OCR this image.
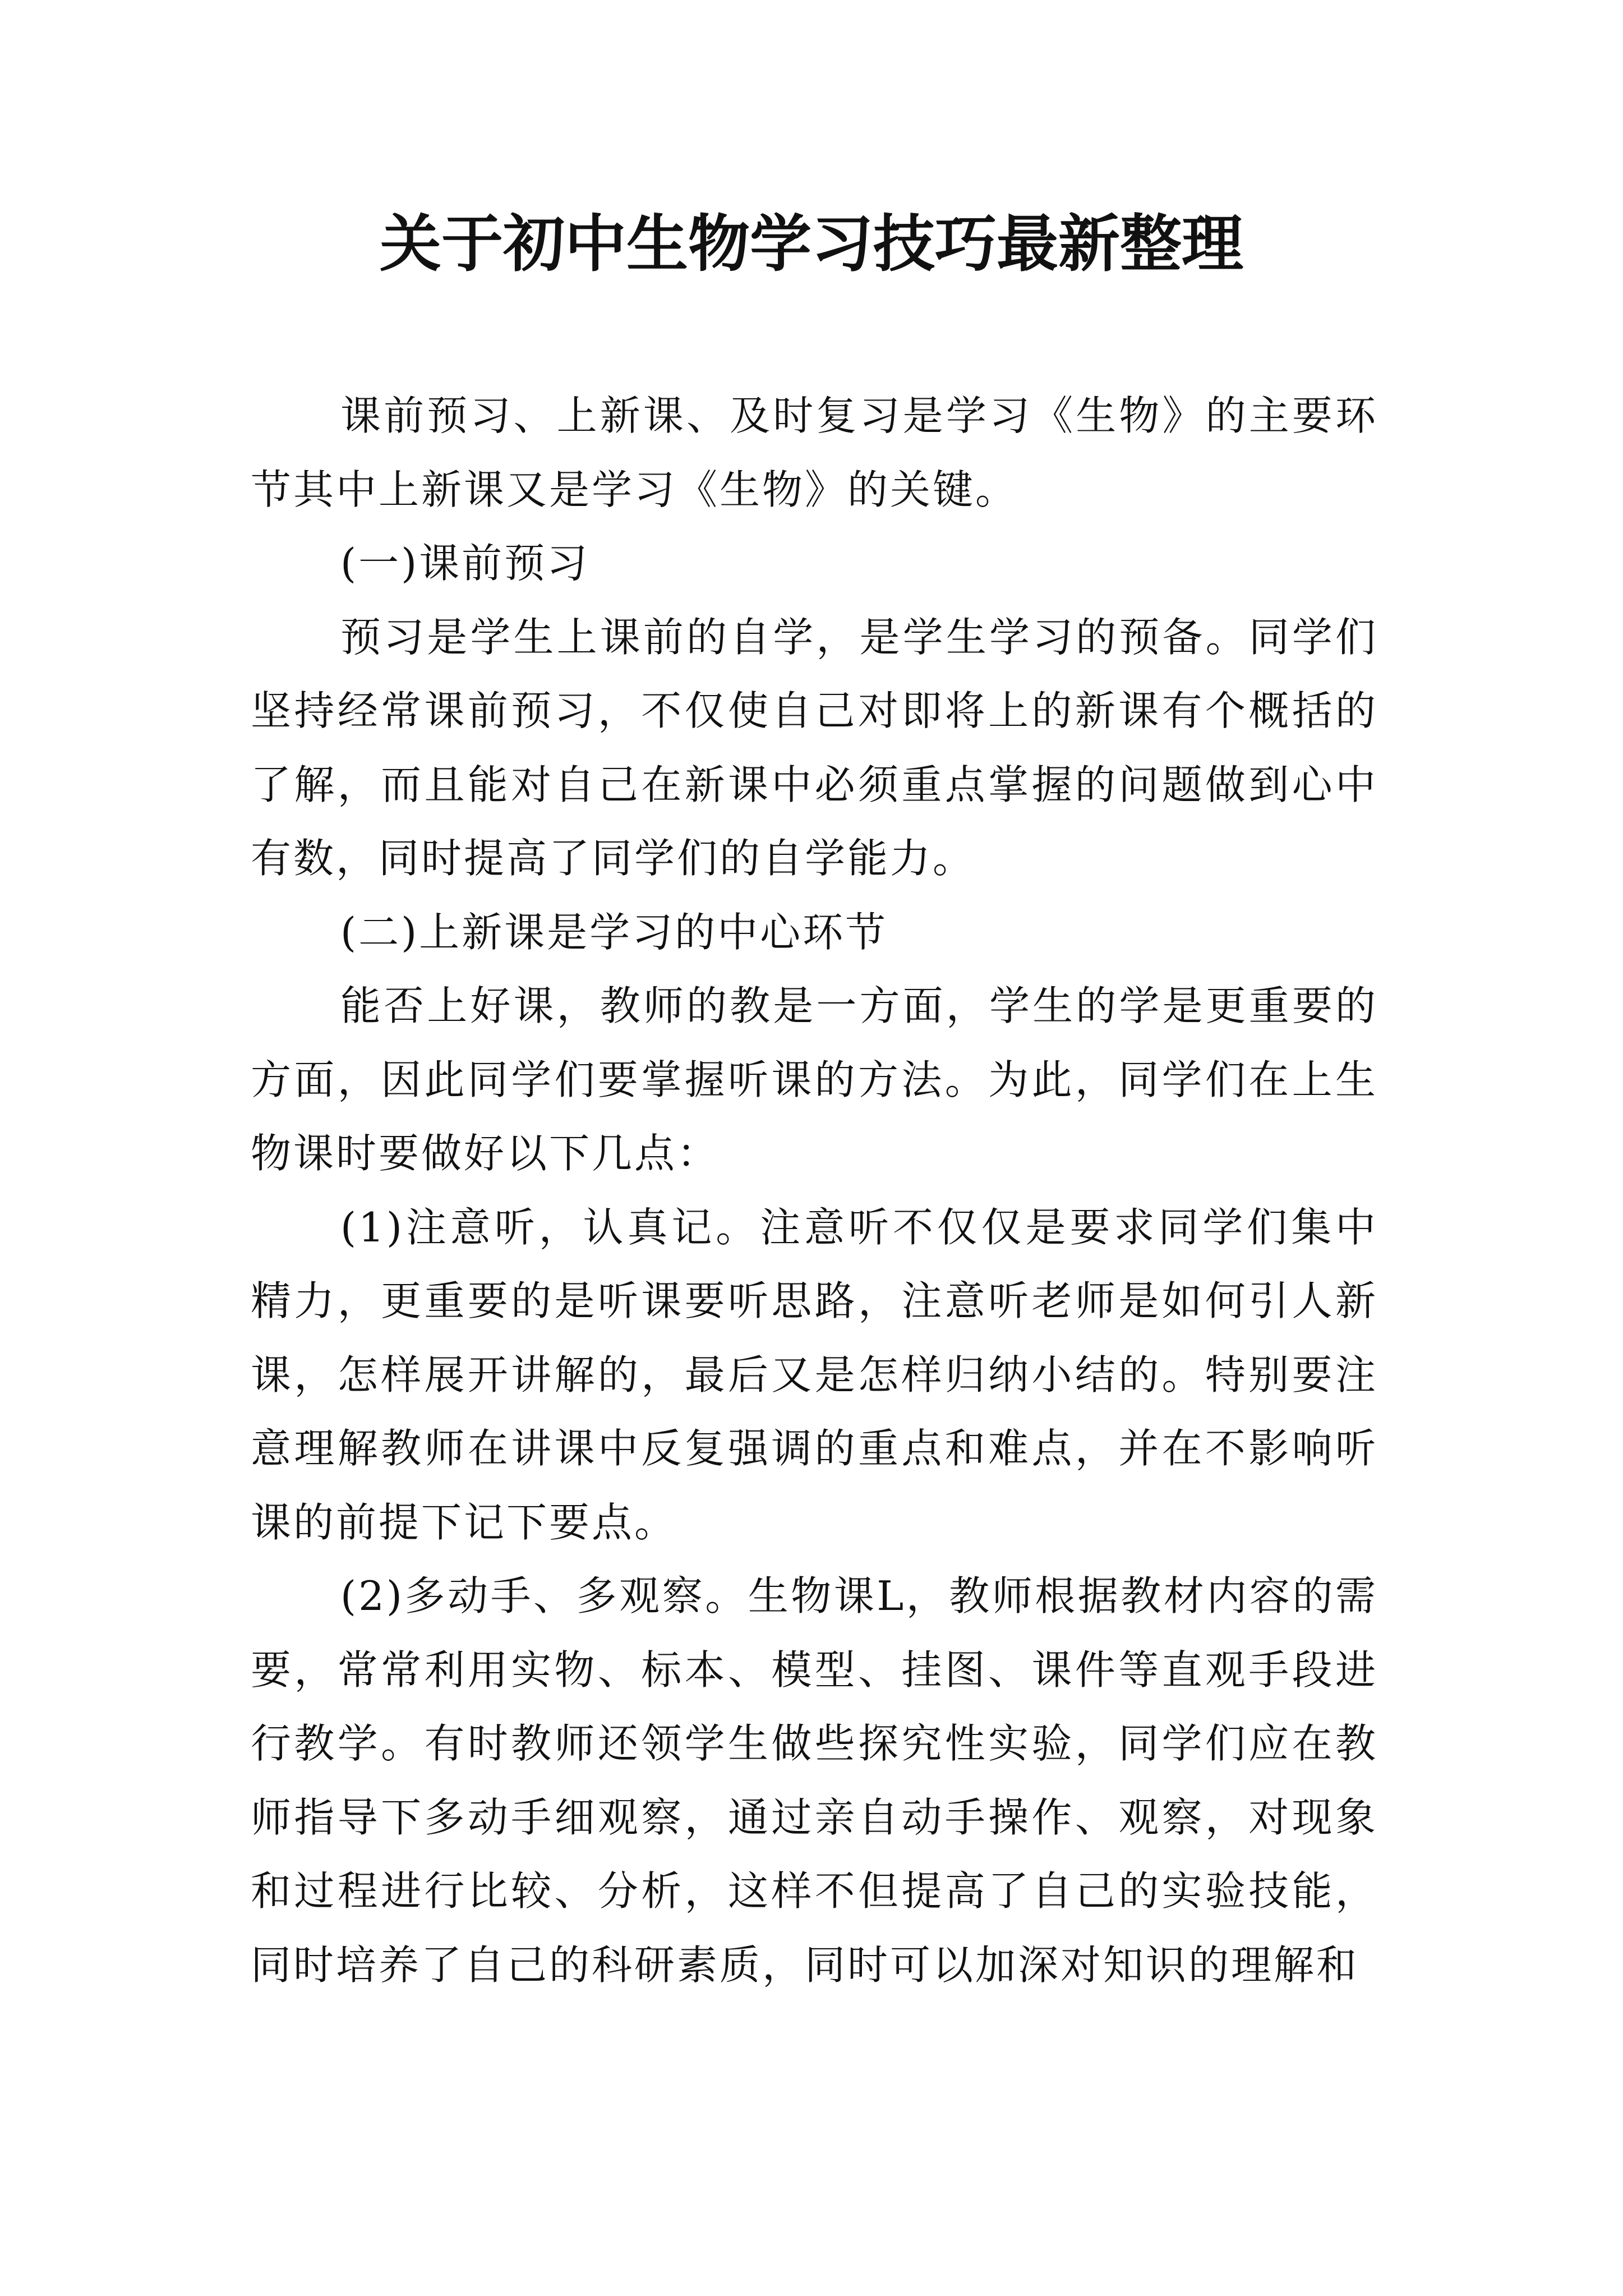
关于初中生物学习技巧最新整理

课前预习、上新课、及时复习是学习《生物》的主要环节其中上新课又是学习《生物》的关键。

(一)课前预习

预习是学生上课前的自学，是学生学习的预备。同学们坚持经常课前预习，不仅使自己对即将上的新课有个概括的了解，而且能对自己在新课中必须重点掌握的问题做到心中有数，同时提高了同学们的自学能力。

(二)上新课是学习的中心环节

能否上好课，教师的教是一方面，学生的学是更重要的方面，因此同学们要掌握听课的方法。为此，同学们在上生物课时要做好以下几点：

(1)注意听，认真记。注意听不仅仅是要求同学们集中精力，更重要的是听课要听思路，注意听老师是如何引人新课，怎样展开讲解的，最后又是怎样归纳小结的。特别要注意理解教师在讲课中反复强调的重点和难点，并在不影响听课的前提下记下要点。

(2)多动手、多观察。生物课L，教师根据教材内容的需要，常常利用实物、标本、模型、挂图、课件等直观手段进行教学。有时教师还领学生做些探究性实验，同学们应在教师指导下多动手细观察，通过亲自动手操作、观察，对现象和过程进行比较、分析，这样不但提高了自己的实验技能，同时培养了自己的科研素质，同时可以加深对知识的理解和
